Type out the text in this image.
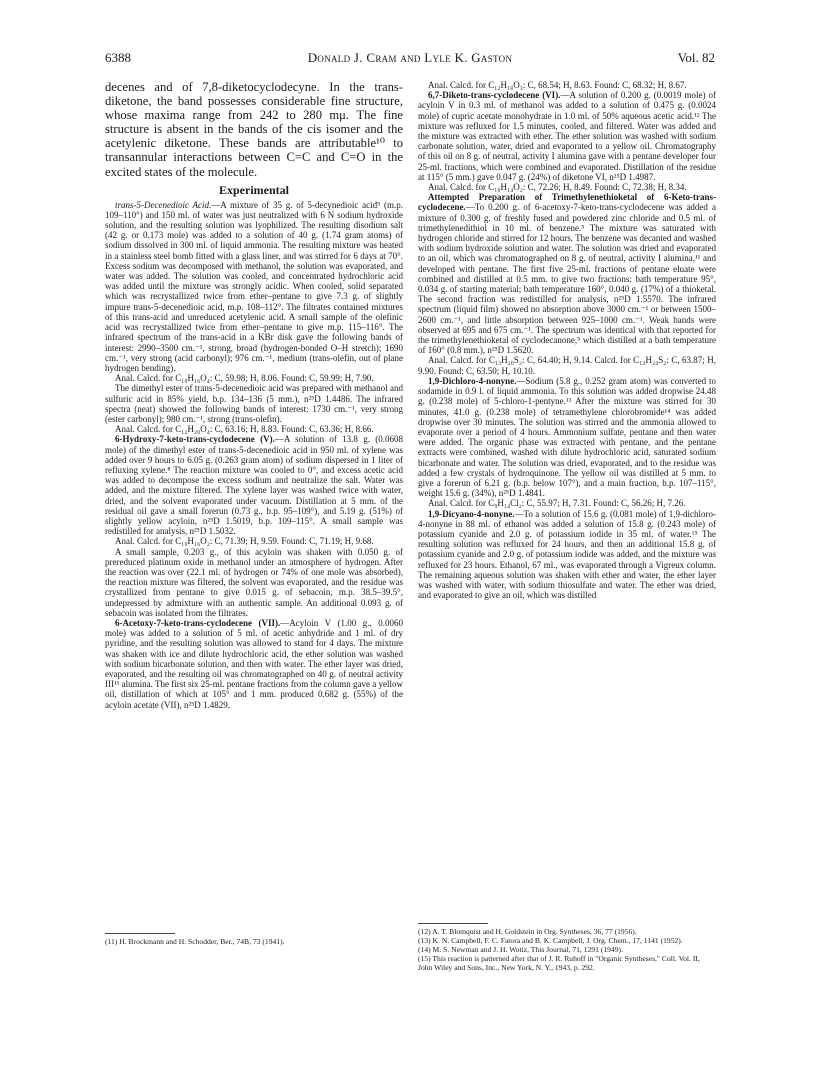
6388	Donald J. Cram and Lyle K. Gaston	Vol. 82

decenes and of 7,8-diketocyclodecyne. In the trans-diketone, the band possesses considerable fine structure, whose maxima range from 242 to 280 mμ. The fine structure is absent in the bands of the cis isomer and the acetylenic diketone. These bands are attributable¹⁰ to transannular interactions between C=C and C=O in the excited states of the molecule.

Experimental

trans-5-Decenedioic Acid.—A mixture of 35 g. of 5-decynedioic acid⁹ (m.p. 109–110°) and 150 ml. of water was just neutralized with 6 N sodium hydroxide solution, and the resulting solution was lyophilized. The resulting disodium salt (42 g. or 0.173 mole) was added to a solution of 40 g. (1.74 gram atoms) of sodium dissolved in 300 ml. of liquid ammonia. The resulting mixture was heated in a stainless steel bomb fitted with a glass liner, and was stirred for 6 days at 70°. Excess sodium was decomposed with methanol, the solution was evaporated, and water was added. The solution was cooled, and concentrated hydrochloric acid was added until the mixture was strongly acidic. When cooled, solid separated which was recrystallized twice from ether–pentane to give 7.3 g. of slightly impure trans-5-decenedioic acid, m.p. 108–112°. The filtrates contained mixtures of this trans-acid and unreduced acetylenic acid. A small sample of the olefinic acid was recrystallized twice from ether–pentane to give m.p. 115–116°. The infrared spectrum of the trans-acid in a KBr disk gave the following bands of interest: 2990–3500 cm.⁻¹, strong, broad (hydrogen-bonded O–H stretch); 1690 cm.⁻¹, very strong (acid carbonyl); 976 cm.⁻¹, medium (trans-olefin, out of plane hydrogen bending).

Anal. Calcd. for C₁₀H₁₆O₄: C, 59.98; H, 8.06. Found: C, 59.99; H, 7.90.

The dimethyl ester of trans-5-decenedioic acid was prepared with methanol and sulfuric acid in 85% yield, b.p. 134–136 (5 mm.), n²⁵D 1.4486. The infrared spectra (neat) showed the following bands of interest: 1730 cm.⁻¹, very strong (ester carbonyl); 980 cm.⁻¹, strong (trans-olefin).

Anal. Calcd. for C₁₂H₂₀O₄: C, 63.16; H, 8.83. Found: C, 63.36; H, 8.66.

6-Hydroxy-7-keto-trans-cyclodecene (V).—A solution of 13.8 g. (0.0608 mole) of the dimethyl ester of trans-5-decenedioic acid in 950 ml. of xylene was added over 9 hours to 6.05 g. (0.263 gram atom) of sodium dispersed in 1 liter of refluxing xylene.⁸ The reaction mixture was cooled to 0°, and excess acetic acid was added to decompose the excess sodium and neutralize the salt. Water was added, and the mixture filtered. The xylene layer was washed twice with water, dried, and the solvent evaporated under vacuum. Distillation at 5 mm. of the residual oil gave a small forerun (0.73 g., b.p. 95–109°), and 5.19 g. (51%) of slightly yellow acyloin, n²⁵D 1.5019, b.p. 109–115°. A small sample was redistilled for analysis, n²⁵D 1.5032.

Anal. Calcd. for C₁₀H₁₆O₂: C, 71.39; H, 9.59. Found: C, 71.19; H, 9.68.

A small sample, 0.203 g., of this acyloin was shaken with 0.050 g. of prereduced platinum oxide in methanol under an atmosphere of hydrogen. After the reaction was over (22.1 ml. of hydrogen or 74% of one mole was absorbed), the reaction mixture was filtered, the solvent was evaporated, and the residue was crystallized from pentane to give 0.015 g. of sebacoin, m.p. 38.5–39.5°, undepressed by admixture with an authentic sample. An additional 0.093 g. of sebacoin was isolated from the filtrates.

6-Acetoxy-7-keto-trans-cyclodecene (VII).—Acyloin V (1.00 g., 0.0060 mole) was added to a solution of 5 ml. of acetic anhydride and 1 ml. of dry pyridine, and the resulting solution was allowed to stand for 4 days. The mixture was shaken with ice and dilute hydrochloric acid, the ether solution was washed with sodium bicarbonate solution, and then with water. The ether layer was dried, evaporated, and the resulting oil was chromatographed on 40 g. of neutral activity III¹¹ alumina. The first six 25-ml. pentane fractions from the column gave a yellow oil, distillation of which at 105° and 1 mm. produced 0.682 g. (55%) of the acyloin acetate (VII), n²⁵D 1.4829.

(11) H. Brockmann and H. Schodder, Ber., 74B, 73 (1941).

Anal. Calcd. for C₁₂H₁₈O₃: C, 68.54; H, 8.63. Found: C, 68.32; H, 8.67.

6,7-Diketo-trans-cyclodecene (VI).—A solution of 0.200 g. (0.0019 mole) of acyloin V in 0.3 ml. of methanol was added to a solution of 0.475 g. (0.0024 mole) of cupric acetate monohydrate in 1.0 ml. of 50% aqueous acetic acid.¹² The mixture was refluxed for 1.5 minutes, cooled, and filtered. Water was added and the mixture was extracted with ether. The ether solution was washed with sodium carbonate solution, water, dried and evaporated to a yellow oil. Chromatography of this oil on 8 g. of neutral, activity I alumina gave with a pentane developer four 25-ml. fractions, which were combined and evaporated. Distillation of the residue at 115° (5 mm.) gave 0.047 g. (24%) of diketone VI, n²⁵D 1.4987.

Anal. Calcd. for C₁₀H₁₄O₂: C, 72.26; H, 8.49. Found: C, 72.38; H, 8.34.

Attempted Preparation of Trimethylenethioketal of 6-Keto-trans-cyclodecene.—To 0.200 g. of 6-acetoxy-7-keto-trans-cyclodecene was added a mixture of 0.300 g. of freshly fused and powdered zinc chloride and 0.5 ml. of trimethylenedithiol in 10 ml. of benzene.⁵ The mixture was saturated with hydrogen chloride and stirred for 12 hours. The benzene was decanted and washed with sodium hydroxide solution and water. The solution was dried and evaporated to an oil, which was chromatographed on 8 g. of neutral, activity I alumina,¹¹ and developed with pentane. The first five 25-ml. fractions of pentane eluate were combined and distilled at 0.5 mm. to give two fractions: bath temperature 95°, 0.034 g. of starting material; bath temperature 160°, 0.040 g. (17%) of a thioketal. The second fraction was redistilled for analysis, n²⁵D 1.5570. The infrared spectrum (liquid film) showed no absorption above 3000 cm.⁻¹ or between 1500–2600 cm.⁻¹, and little absorption between 925–1000 cm.⁻¹. Weak bands were observed at 695 and 675 cm.⁻¹. The spectrum was identical with that reported for the trimethylenethioketal of cyclodecanone,⁵ which distilled at a bath temperature of 160° (0.8 mm.), n²⁵D 1.5620.

Anal. Calcd. for C₁₃H₂₀S₂: C, 64.40; H, 9.14. Calcd. for C₁₃H₂₄S₂: C, 63.87; H, 9.90. Found: C, 63.50; H, 10.10.

1,9-Dichloro-4-nonyne.—Sodium (5.8 g., 0.252 gram atom) was converted to sodamide in 0.9 l. of liquid ammonia. To this solution was added dropwise 24.48 g. (0.238 mole) of 5-chloro-1-pentyne.¹³ After the mixture was stirred for 30 minutes, 41.0 g. (0.238 mole) of tetramethylene chlorobromide¹⁴ was added dropwise over 30 minutes. The solution was stirred and the ammonia allowed to evaporate over a period of 4 hours. Ammonium sulfate, pentane and then water were added. The organic phase was extracted with pentane, and the pentane extracts were combined, washed with dilute hydrochloric acid, saturated sodium bicarbonate and water. The solution was dried, evaporated, and to the residue was added a few crystals of hydroquinone. The yellow oil was distilled at 5 mm. to give a forerun of 6.21 g. (b.p. below 107°), and a main fraction, b.p. 107–115°, weight 15.6 g. (34%), n²⁵D 1.4841.

Anal. Calcd. for C₉H₁₄Cl₂: C, 55.97; H, 7.31. Found: C, 56.26; H, 7.26.

1,9-Dicyano-4-nonyne.—To a solution of 15.6 g. (0.081 mole) of 1,9-dichloro-4-nonyne in 88 ml. of ethanol was added a solution of 15.8 g. (0.243 mole) of potassium cyanide and 2.0 g. of potassium iodide in 35 ml. of water.¹⁵ The resulting solution was refluxed for 24 hours, and then an additional 15.8 g. of potassium cyanide and 2.0 g. of potassium iodide was added, and the mixture was refluxed for 23 hours. Ethanol, 67 ml., was evaporated through a Vigreux column. The remaining aqueous solution was shaken with ether and water, the ether layer was washed with water, with sodium thiosulfate and water. The ether was dried, and evaporated to give an oil, which was distilled

(12) A. T. Blomquist and H. Goldstein in Org. Syntheses, 36, 77 (1956).

(13) K. N. Campbell, F. C. Fatora and B. K. Campbell, J. Org. Chem., 17, 1141 (1952).

(14) M. S. Newman and J. H. Wotiz, This Journal, 71, 1291 (1949).

(15) This reaction is patterned after that of J. R. Ruhoff in "Organic Syntheses," Coll. Vol. II, John Wiley and Sons, Inc., New York, N. Y., 1943, p. 292.
